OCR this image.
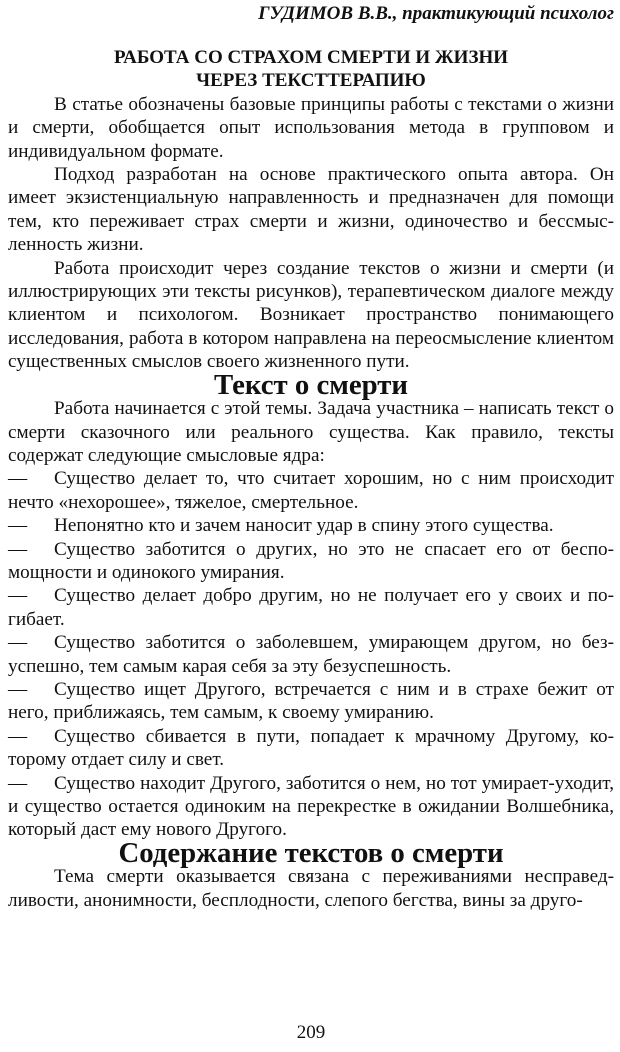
ГУДИМОВ В.В., практикующий психолог
РАБОТА СО СТРАХОМ СМЕРТИ И ЖИЗНИ
ЧЕРЕЗ ТЕКСТТЕРАПИЮ

В статье обозначены базовые принципы работы с текстами о жизни и смерти, обобщается опыт использования метода в групповом и индивидуальном формате.

Подход разработан на основе практического опыта автора. Он имеет экзистенциальную направленность и предназначен для помощи тем, кто переживает страх смерти и жизни, одиночество и бессмысленность жизни.

Работа происходит через создание текстов о жизни и смерти (и иллюстрирующих эти тексты рисунков), терапевтическом диалоге между клиентом и психологом. Возникает пространство понимающего исследования, работа в котором направлена на переосмысление клиентом существенных смыслов своего жизненного пути.

Текст о смерти

Работа начинается с этой темы. Задача участника – написать текст о смерти сказочного или реального существа. Как правило, тексты содержат следующие смысловые ядра:

— Существо делает то, что считает хорошим, но с ним происходит нечто «нехорошее», тяжелое, смертельное.

— Непонятно кто и зачем наносит удар в спину этого существа.

— Существо заботится о других, но это не спасает его от беспомощности и одинокого умирания.

— Существо делает добро другим, но не получает его у своих и погибает.

— Существо заботится о заболевшем, умирающем другом, но безуспешно, тем самым карая себя за эту безуспешность.

— Существо ищет Другого, встречается с ним и в страхе бежит от него, приближаясь, тем самым, к своему умиранию.

— Существо сбивается в пути, попадает к мрачному Другому, которому отдает силу и свет.

— Существо находит Другого, заботится о нем, но тот умирает-уходит, и существо остается одиноким на перекрестке в ожидании Волшебника, который даст ему нового Другого.

Содержание текстов о смерти

Тема смерти оказывается связана с переживаниями несправедливости, анонимности, бесплодности, слепого бегства, вины за друго-

209
